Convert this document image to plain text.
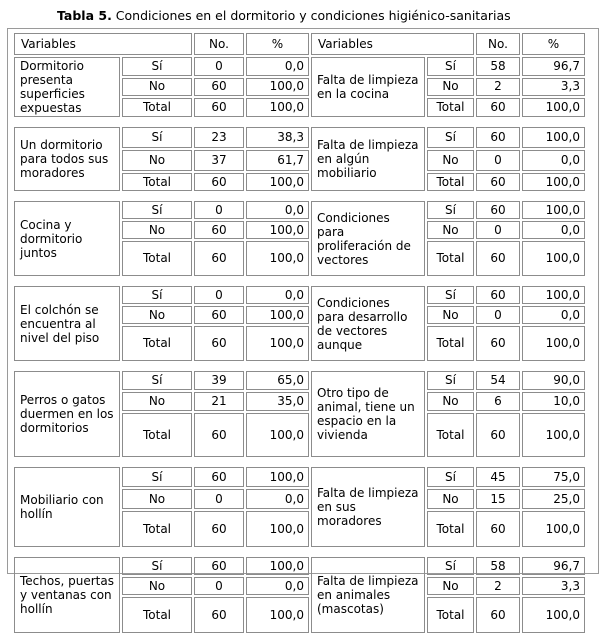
Tabla 5. Condiciones en el dormitorio y condiciones higiénico-sanitarias
Variables		No.	%	Variables		No.	%
Dormitorio presenta superficies expuestas	Sí	0	0,0	Falta de limpieza en la cocina	Sí	58	96,7
	No	60	100,0		No	2	3,3
	Total	60	100,0		Total	60	100,0

Un dormitorio para todos sus moradores	Sí	23	38,3	Falta de limpieza en algún mobiliario	Sí	60	100,0
	No	37	61,7		No	0	0,0
	Total	60	100,0		Total	60	100,0

Cocina y dormitorio juntos	Sí	0	0,0	Condiciones para proliferación de vectores	Sí	60	100,0
	No	60	100,0		No	0	0,0
	Total	60	100,0		Total	60	100,0

El colchón se encuentra al nivel del piso	Sí	0	0,0	Condiciones para desarrollo de vectores aunque	Sí	60	100,0
	No	60	100,0		No	0	0,0
	Total	60	100,0		Total	60	100,0

Perros o gatos duermen en los dormitorios	Sí	39	65,0	Otro tipo de animal, tiene un espacio en la vivienda	Sí	54	90,0
	No	21	35,0		No	6	10,0
	Total	60	100,0		Total	60	100,0

Mobiliario con hollín	Sí	60	100,0	Falta de limpieza en sus moradores	Sí	45	75,0
	No	0	0,0		No	15	25,0
	Total	60	100,0		Total	60	100,0

Techos, puertas y ventanas con hollín	Sí	60	100,0	Falta de limpieza en animales (mascotas)	Sí	58	96,7
	No	0	0,0		No	2	3,3
	Total	60	100,0		Total	60	100,0
